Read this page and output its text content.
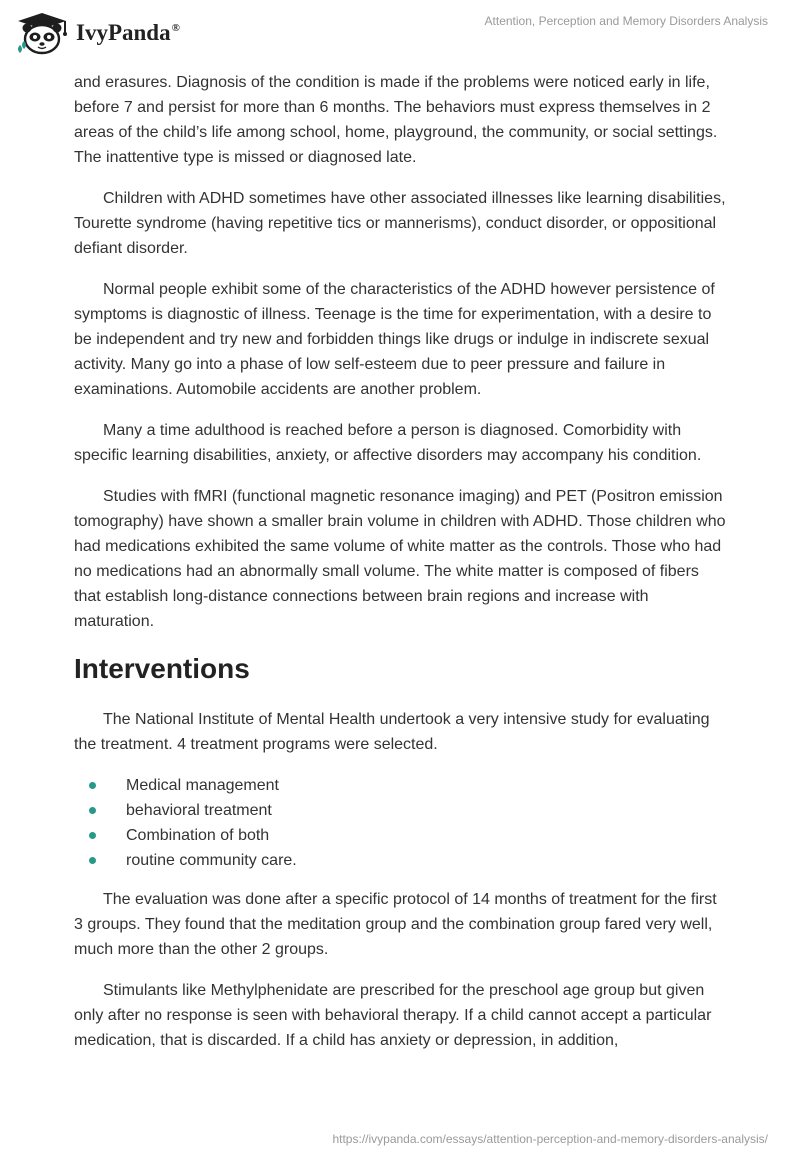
IvyPanda®
Attention, Perception and Memory Disorders Analysis

and erasures. Diagnosis of the condition is made if the problems were noticed early in life, before 7 and persist for more than 6 months. The behaviors must express themselves in 2 areas of the child’s life among school, home, playground, the community, or social settings. The inattentive type is missed or diagnosed late.

Children with ADHD sometimes have other associated illnesses like learning disabilities, Tourette syndrome (having repetitive tics or mannerisms), conduct disorder, or oppositional defiant disorder.

Normal people exhibit some of the characteristics of the ADHD however persistence of symptoms is diagnostic of illness. Teenage is the time for experimentation, with a desire to be independent and try new and forbidden things like drugs or indulge in indiscrete sexual activity. Many go into a phase of low self-esteem due to peer pressure and failure in examinations. Automobile accidents are another problem.

Many a time adulthood is reached before a person is diagnosed. Comorbidity with specific learning disabilities, anxiety, or affective disorders may accompany his condition.

Studies with fMRI (functional magnetic resonance imaging) and PET (Positron emission tomography) have shown a smaller brain volume in children with ADHD. Those children who had medications exhibited the same volume of white matter as the controls. Those who had no medications had an abnormally small volume. The white matter is composed of fibers that establish long-distance connections between brain regions and increase with maturation.

Interventions

The National Institute of Mental Health undertook a very intensive study for evaluating the treatment. 4 treatment programs were selected.

Medical management
behavioral treatment
Combination of both
routine community care.

The evaluation was done after a specific protocol of 14 months of treatment for the first 3 groups. They found that the meditation group and the combination group fared very well, much more than the other 2 groups.

Stimulants like Methylphenidate are prescribed for the preschool age group but given only after no response is seen with behavioral therapy. If a child cannot accept a particular medication, that is discarded. If a child has anxiety or depression, in addition,

https://ivypanda.com/essays/attention-perception-and-memory-disorders-analysis/
